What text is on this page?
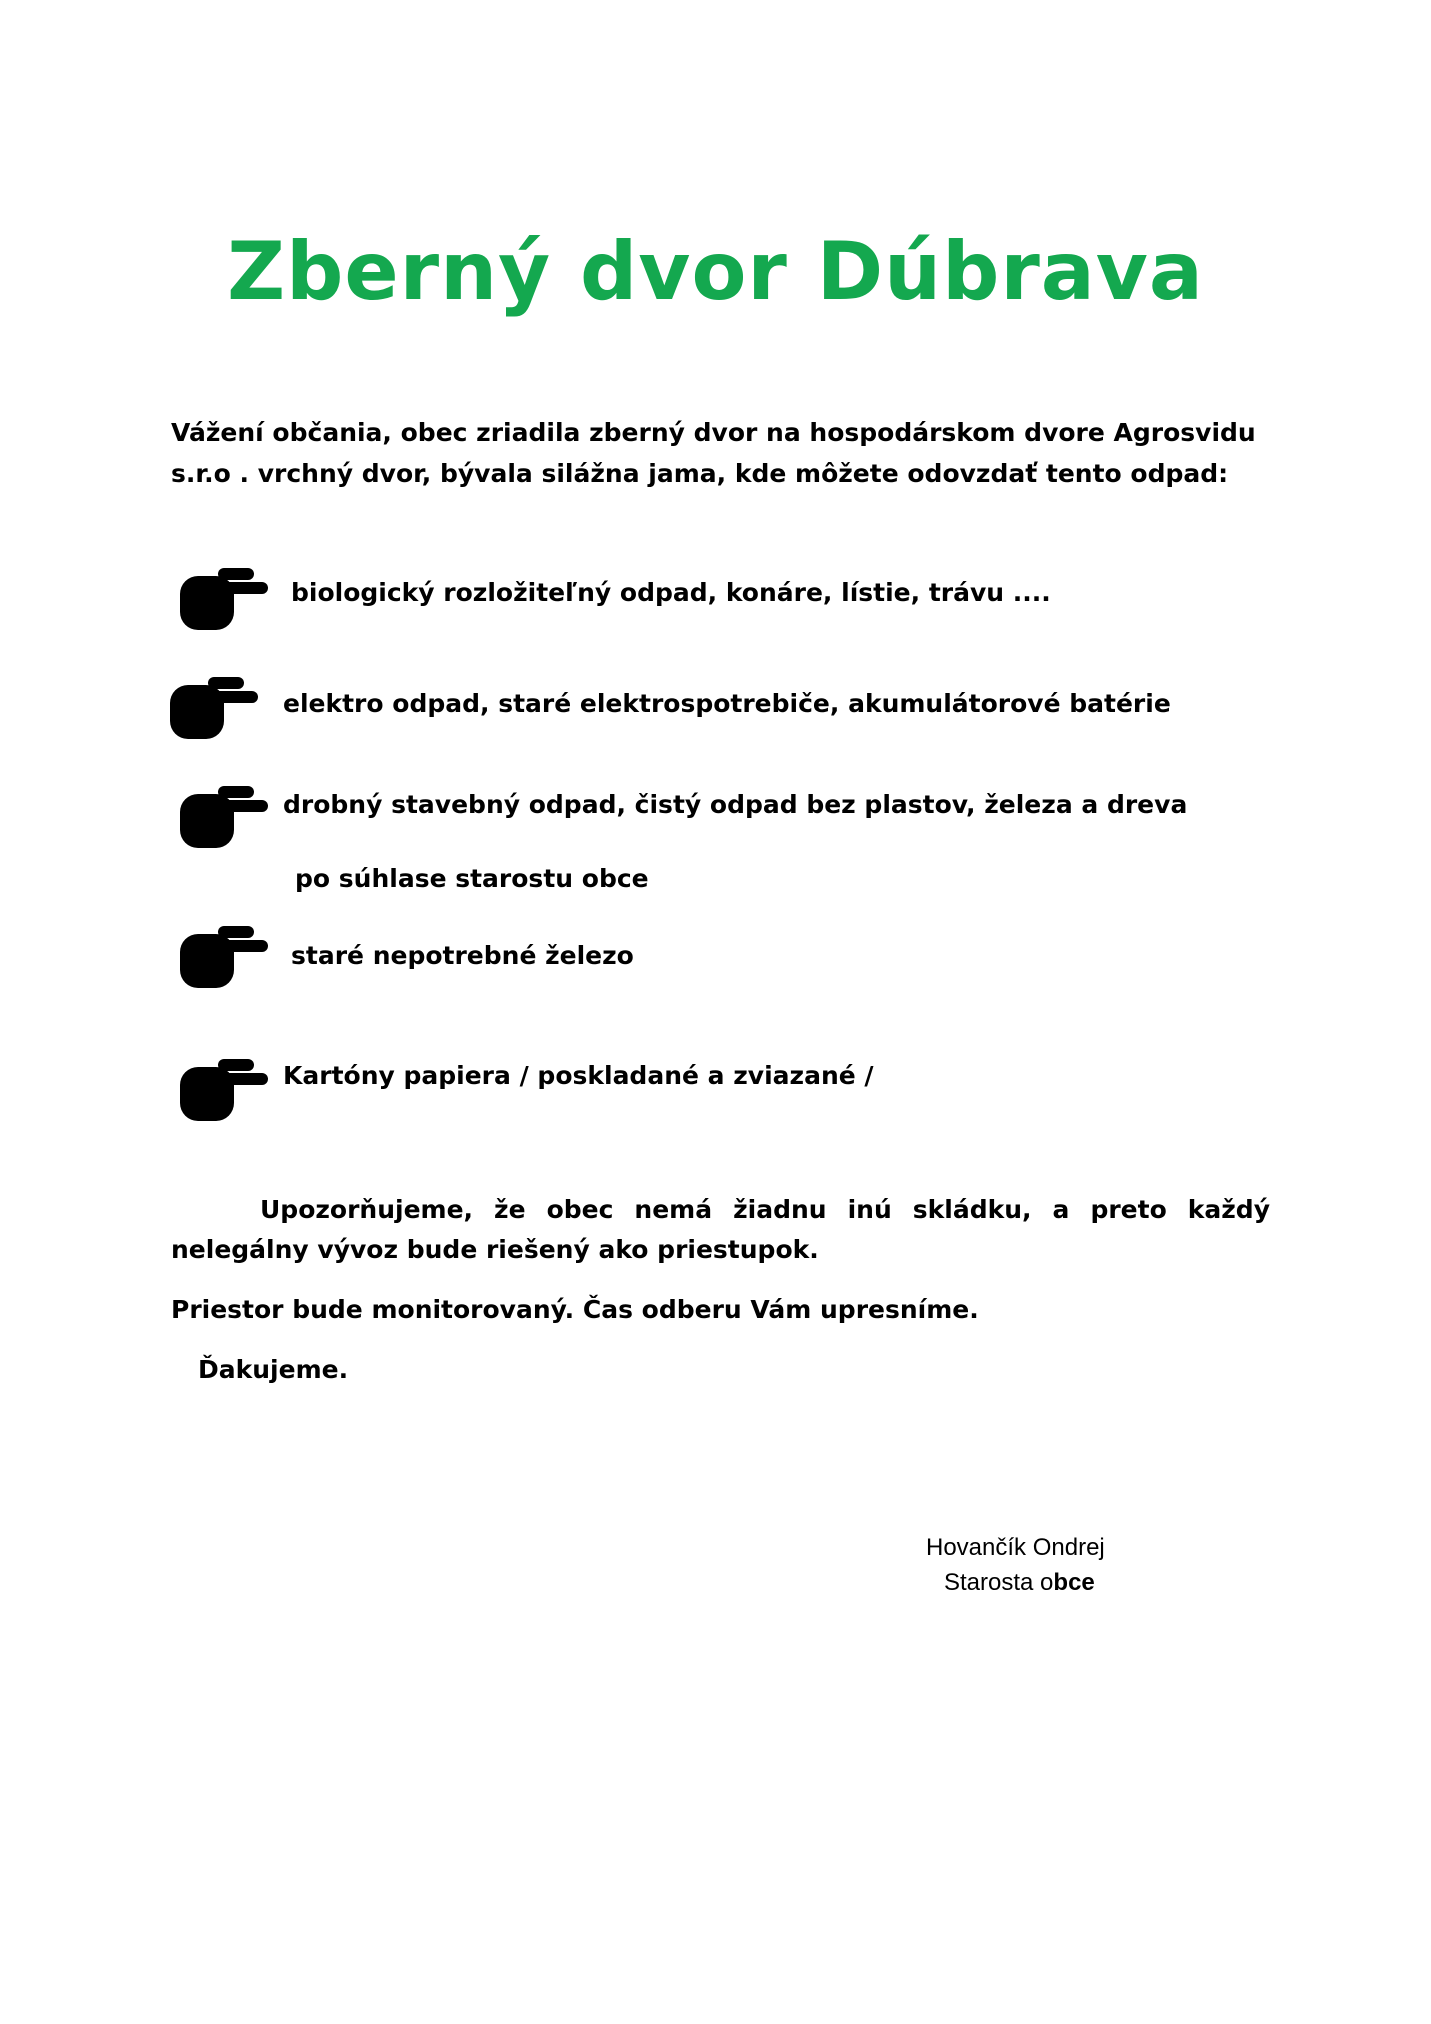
Zberný dvor Dúbrava

Vážení občania, obec zriadila zberný dvor na hospodárskom dvore Agrosvidu s.r.o . vrchný dvor, bývala silážna jama, kde môžete odovzdať tento odpad:

biologický rozložiteľný odpad, konáre, lístie, trávu ....
elektro odpad, staré elektrospotrebiče, akumulátorové batérie
drobný stavebný odpad, čistý odpad bez plastov, železa a dreva
po súhlase starostu obce
staré nepotrebné železo
Kartóny papiera / poskladané a zviazané /

Upozorňujeme, že obec nemá žiadnu inú skládku, a preto každý nelegálny vývoz bude riešený ako priestupok.

Priestor bude monitorovaný. Čas odberu Vám upresníme.

Ďakujeme.

Hovančík Ondrej
Starosta obce
